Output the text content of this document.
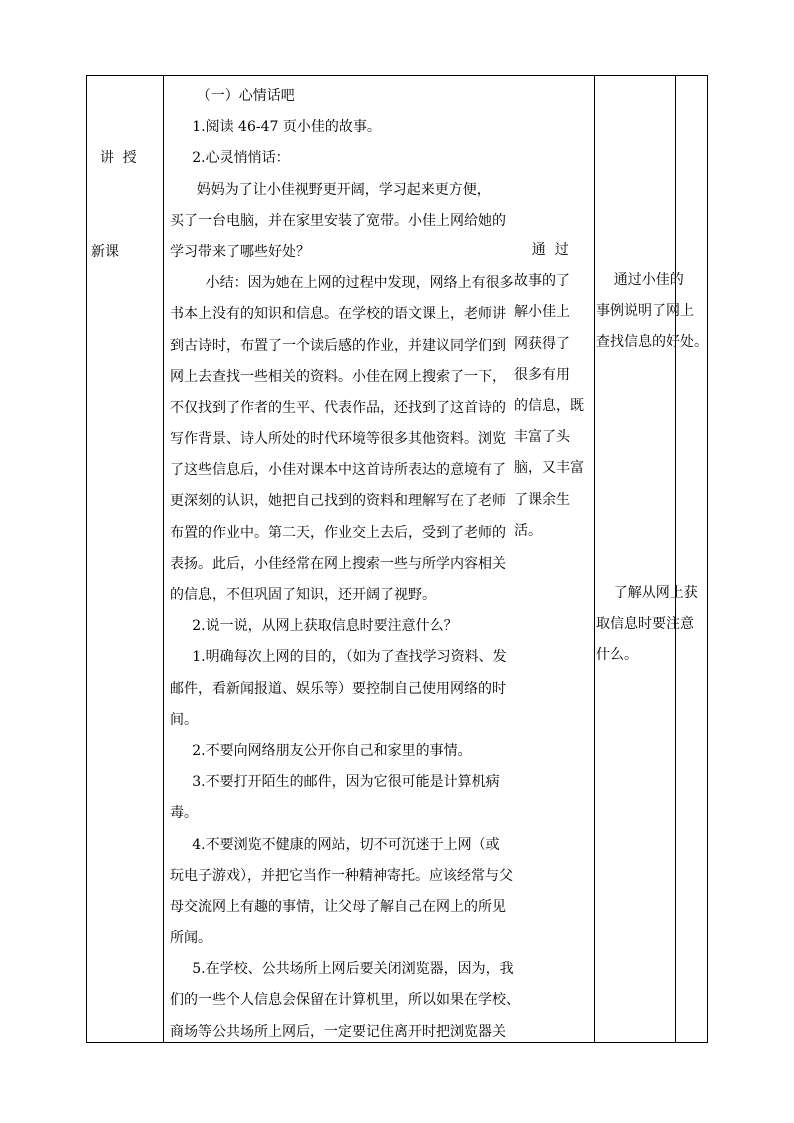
讲  授

新课

（一）心情话吧
1.阅读 46-47 页小佳的故事。
2.心灵悄悄话：
妈妈为了让小佳视野更开阔，学习起来更方便，
买了一台电脑，并在家里安装了宽带。小佳上网给她的
学习带来了哪些好处？
小结：因为她在上网的过程中发现，网络上有很多
书本上没有的知识和信息。在学校的语文课上，老师讲
到古诗时，布置了一个读后感的作业，并建议同学们到
网上去查找一些相关的资料。小佳在网上搜索了一下，
不仅找到了作者的生平、代表作品，还找到了这首诗的
写作背景、诗人所处的时代环境等很多其他资料。浏览
了这些信息后，小佳对课本中这首诗所表达的意境有了
更深刻的认识，她把自己找到的资料和理解写在了老师
布置的作业中。第二天，作业交上去后，受到了老师的
表扬。此后，小佳经常在网上搜索一些与所学内容相关
的信息，不但巩固了知识，还开阔了视野。
2.说一说，从网上获取信息时要注意什么？
1.明确每次上网的目的，（如为了查找学习资料、发
邮件，看新闻报道、娱乐等）要控制自己使用网络的时
间。
2.不要向网络朋友公开你自己和家里的事情。
3.不要打开陌生的邮件，因为它很可能是计算机病
毒。
4.不要浏览不健康的网站，切不可沉迷于上网（或
玩电子游戏），并把它当作一种精神寄托。应该经常与父
母交流网上有趣的事情，让父母了解自己在网上的所见
所闻。
5.在学校、公共场所上网后要关闭浏览器，因为，我
们的一些个人信息会保留在计算机里，所以如果在学校、
商场等公共场所上网后，一定要记住离开时把浏览器关
通  过
故事的了
解小佳上
网获得了
很多有用
的信息，既
丰富了头
脑，又丰富
了课余生
活。
通过小佳的
事例说明了网上
查找信息的好处。
了解从网上获
取信息时要注意
什么。
